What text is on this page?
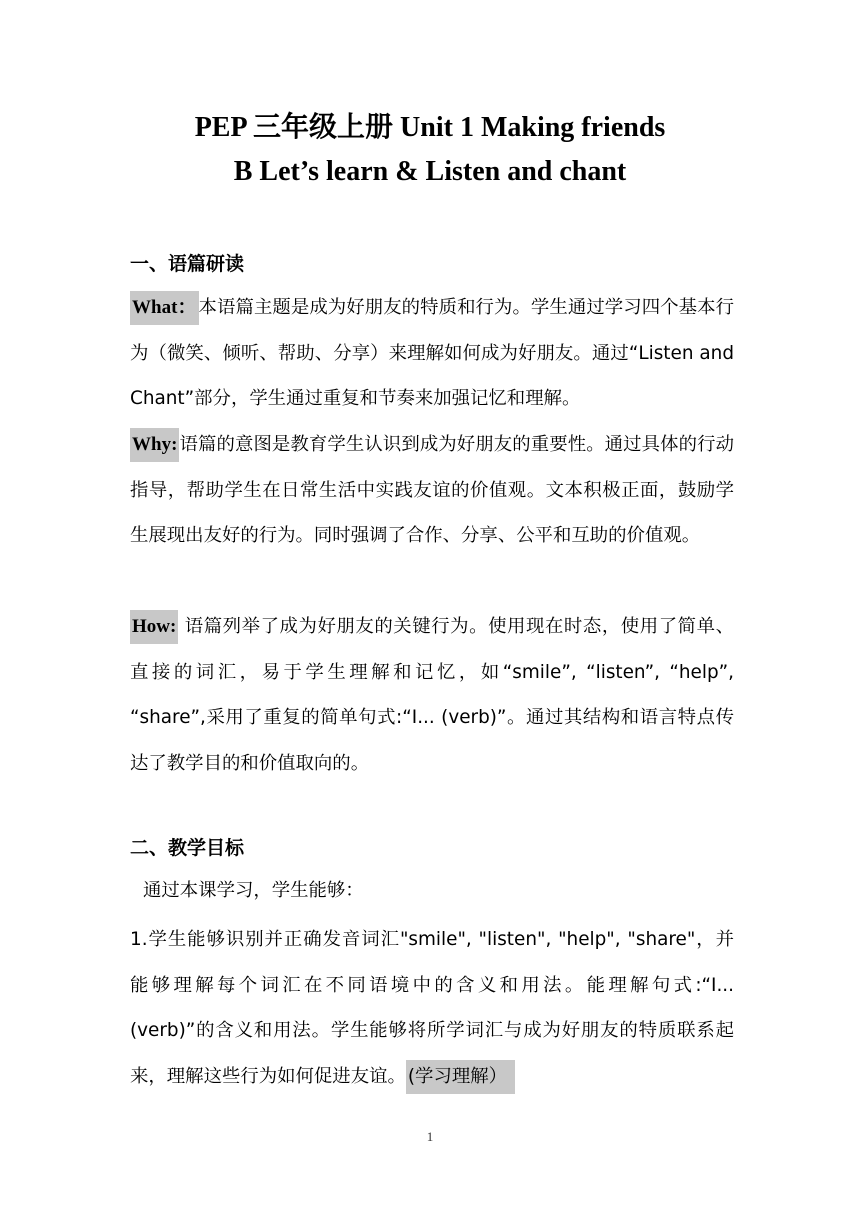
PEP 三年级上册 Unit 1 Making friends
B Let’s learn & Listen and chant
一、语篇研读
What： 本语篇主题是成为好朋友的特质和行为。学生通过学习四个基本行为（微笑、倾听、帮助、分享）来理解如何成为好朋友。通过“Listen and Chant”部分，学生通过重复和节奏来加强记忆和理解。
Why: 语篇的意图是教育学生认识到成为好朋友的重要性。通过具体的行动指导，帮助学生在日常生活中实践友谊的价值观。文本积极正面，鼓励学生展现出友好的行为。同时强调了合作、分享、公平和互助的价值观。
How: 语篇列举了成为好朋友的关键行为。使用现在时态，使用了简单、直接的词汇，易于学生理解和记忆，如“smile”, “listen”, “help”, “share”,采用了重复的简单句式:“I... (verb)”。通过其结构和语言特点传达了教学目的和价值取向的。
二、教学目标
通过本课学习，学生能够：
1.学生能够识别并正确发音词汇"smile", "listen", "help", "share"，并能够理解每个词汇在不同语境中的含义和用法。能理解句式:“I... (verb)”的含义和用法。学生能够将所学词汇与成为好朋友的特质联系起来，理解这些行为如何促进友谊。 (学习理解）
1
